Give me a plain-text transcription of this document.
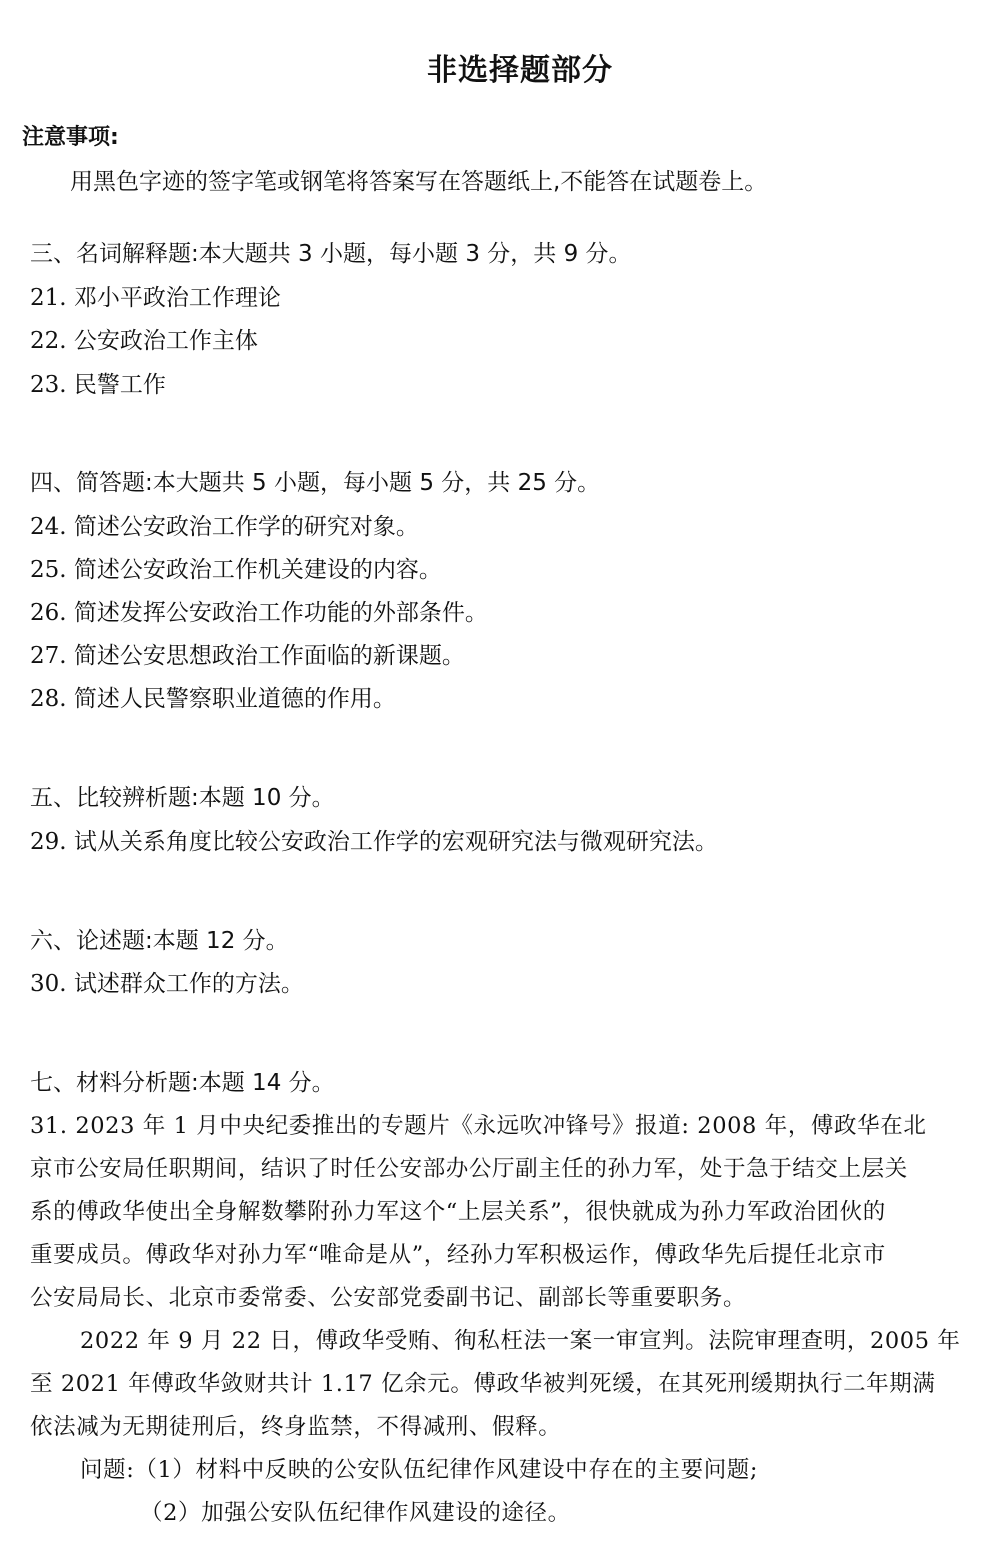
非选择题部分
注意事项:
用黑色字迹的签字笔或钢笔将答案写在答题纸上,不能答在试题卷上。
三、名词解释题:本大题共 3 小题，每小题 3 分，共 9 分。
21. 邓小平政治工作理论
22. 公安政治工作主体
23. 民警工作
四、简答题:本大题共 5 小题，每小题 5 分，共 25 分。
24. 简述公安政治工作学的研究对象。
25. 简述公安政治工作机关建设的内容。
26. 简述发挥公安政治工作功能的外部条件。
27. 简述公安思想政治工作面临的新课题。
28. 简述人民警察职业道德的作用。
五、比较辨析题:本题 10 分。
29. 试从关系角度比较公安政治工作学的宏观研究法与微观研究法。
六、论述题:本题 12 分。
30. 试述群众工作的方法。
七、材料分析题:本题 14 分。
31. 2023 年 1 月中央纪委推出的专题片《永远吹冲锋号》报道: 2008 年，傅政华在北
京市公安局任职期间，结识了时任公安部办公厅副主任的孙力军，处于急于结交上层关
系的傅政华使出全身解数攀附孙力军这个“上层关系”，很快就成为孙力军政治团伙的
重要成员。傅政华对孙力军“唯命是从”，经孙力军积极运作，傅政华先后提任北京市
公安局局长、北京市委常委、公安部党委副书记、副部长等重要职务。
2022 年 9 月 22 日，傅政华受贿、徇私枉法一案一审宣判。法院审理查明，2005 年
至 2021 年傅政华敛财共计 1.17 亿余元。傅政华被判死缓，在其死刑缓期执行二年期满
依法减为无期徒刑后，终身监禁，不得减刑、假释。
问题:（1）材料中反映的公安队伍纪律作风建设中存在的主要问题;
（2）加强公安队伍纪律作风建设的途径。
